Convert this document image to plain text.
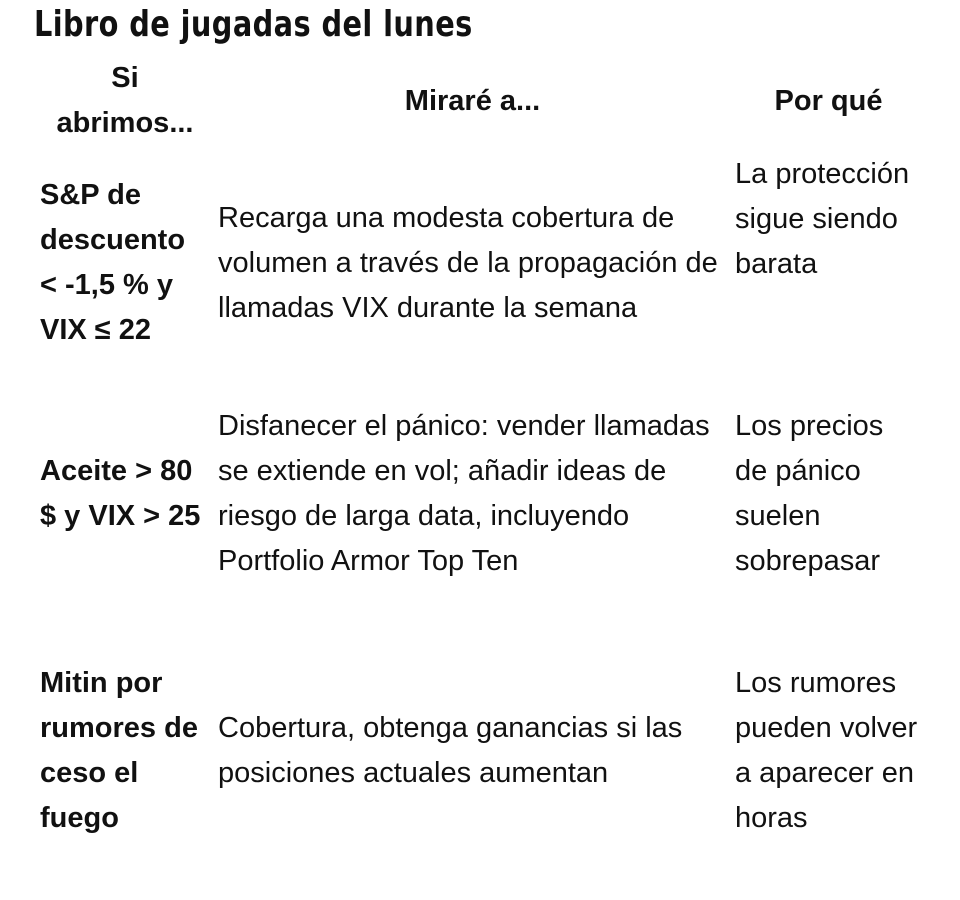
Libro de jugadas del lunes
Si abrimos...	Miraré a...	Por qué
S&P de descuento < -1,5 % y VIX ≤ 22	Recarga una modesta cobertura de volumen a través de la propagación de llamadas VIX durante la semana	La protección sigue siendo barata
Aceite > 80 $ y VIX > 25	Disfanecer el pánico: vender llamadas se extiende en vol; añadir ideas de riesgo de larga data, incluyendo Portfolio Armor Top Ten	Los precios de pánico suelen sobrepasar
Mitin por rumores de ceso el fuego	Cobertura, obtenga ganancias si las posiciones actuales aumentan	Los rumores pueden volver a aparecer en horas
